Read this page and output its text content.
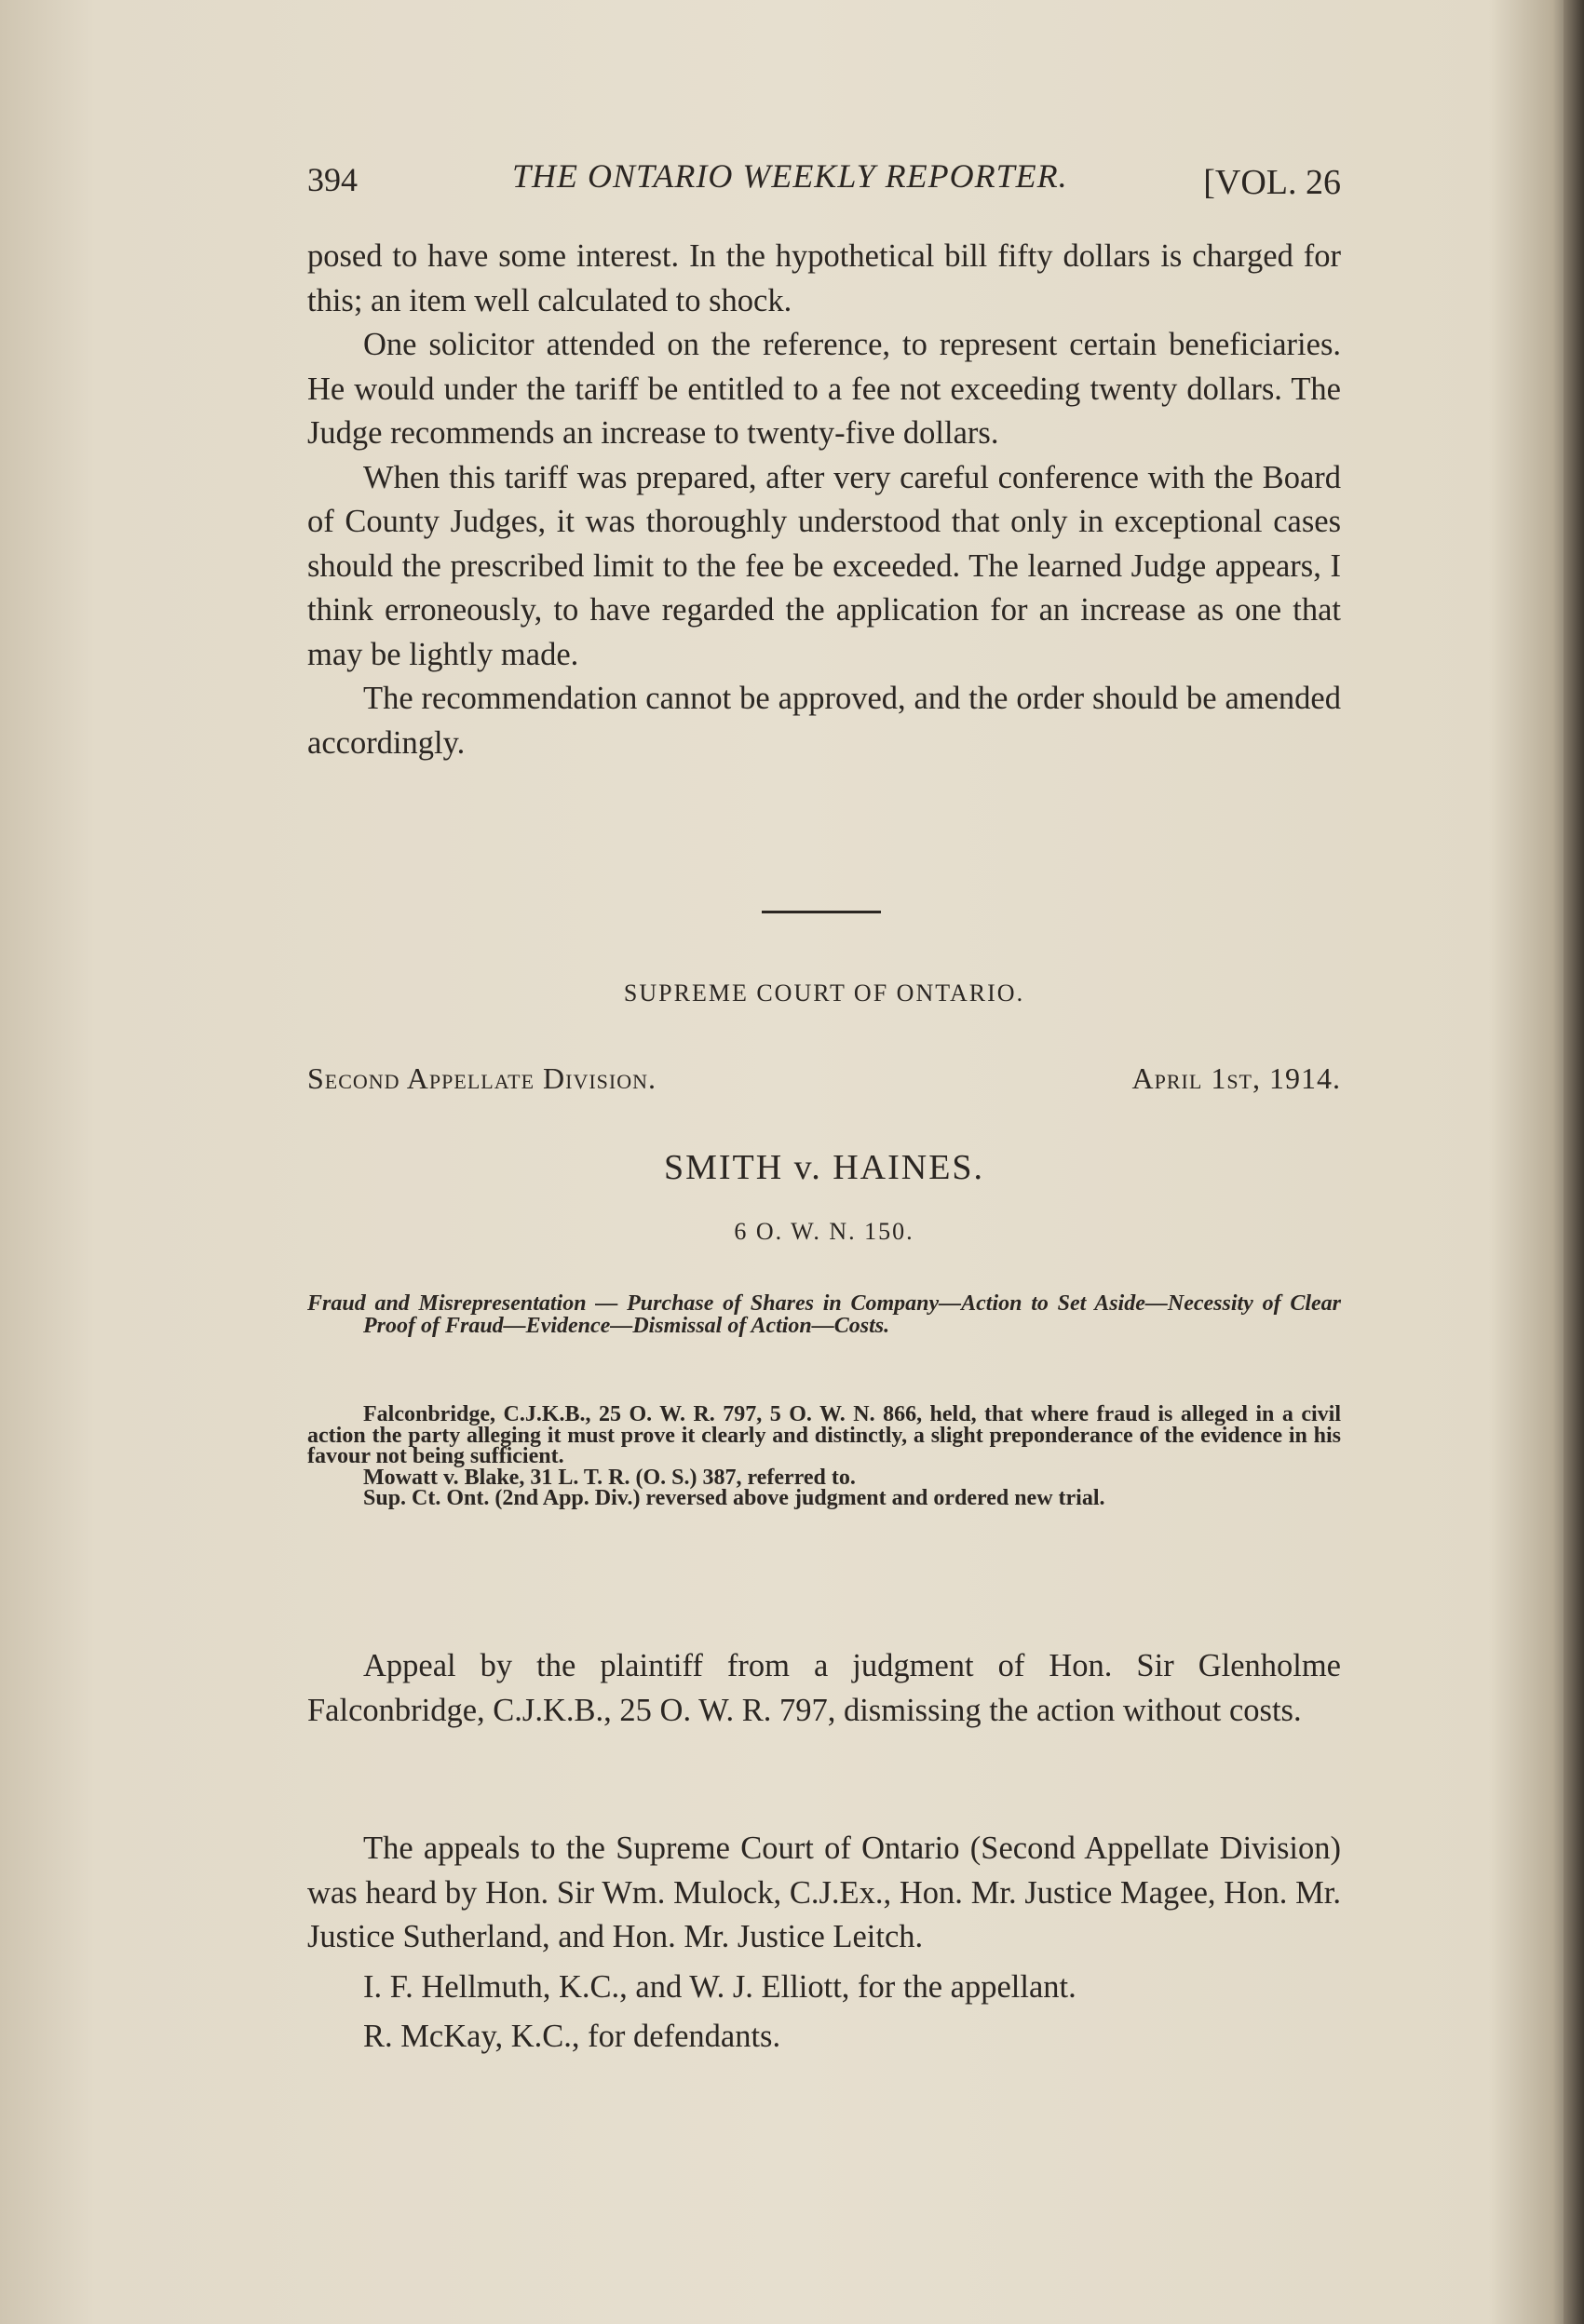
394	THE ONTARIO WEEKLY REPORTER.	[VOL. 26

posed to have some interest. In the hypothetical bill fifty dollars is charged for this; an item well calculated to shock.

One solicitor attended on the reference, to represent certain beneficiaries. He would under the tariff be entitled to a fee not exceeding twenty dollars. The Judge recommends an increase to twenty-five dollars.

When this tariff was prepared, after very careful conference with the Board of County Judges, it was thoroughly understood that only in exceptional cases should the prescribed limit to the fee be exceeded. The learned Judge appears, I think erroneously, to have regarded the application for an increase as one that may be lightly made.

The recommendation cannot be approved, and the order should be amended accordingly.

SUPREME COURT OF ONTARIO.
Second Appellate Division.	April 1st, 1914.
SMITH v. HAINES.
6 O. W. N. 150.
Fraud and Misrepresentation — Purchase of Shares in Company—Action to Set Aside—Necessity of Clear Proof of Fraud—Evidence—Dismissal of Action—Costs.

Falconbridge, C.J.K.B., 25 O. W. R. 797, 5 O. W. N. 866, held, that where fraud is alleged in a civil action the party alleging it must prove it clearly and distinctly, a slight preponderance of the evidence in his favour not being sufficient.

Mowatt v. Blake, 31 L. T. R. (O. S.) 387, referred to.

Sup. Ct. Ont. (2nd App. Div.) reversed above judgment and ordered new trial.

Appeal by the plaintiff from a judgment of Hon. Sir Glenholme Falconbridge, C.J.K.B., 25 O. W. R. 797, dismissing the action without costs.

The appeals to the Supreme Court of Ontario (Second Appellate Division) was heard by Hon. Sir Wm. Mulock, C.J.Ex., Hon. Mr. Justice Magee, Hon. Mr. Justice Sutherland, and Hon. Mr. Justice Leitch.

I. F. Hellmuth, K.C., and W. J. Elliott, for the appellant.

R. McKay, K.C., for defendants.
